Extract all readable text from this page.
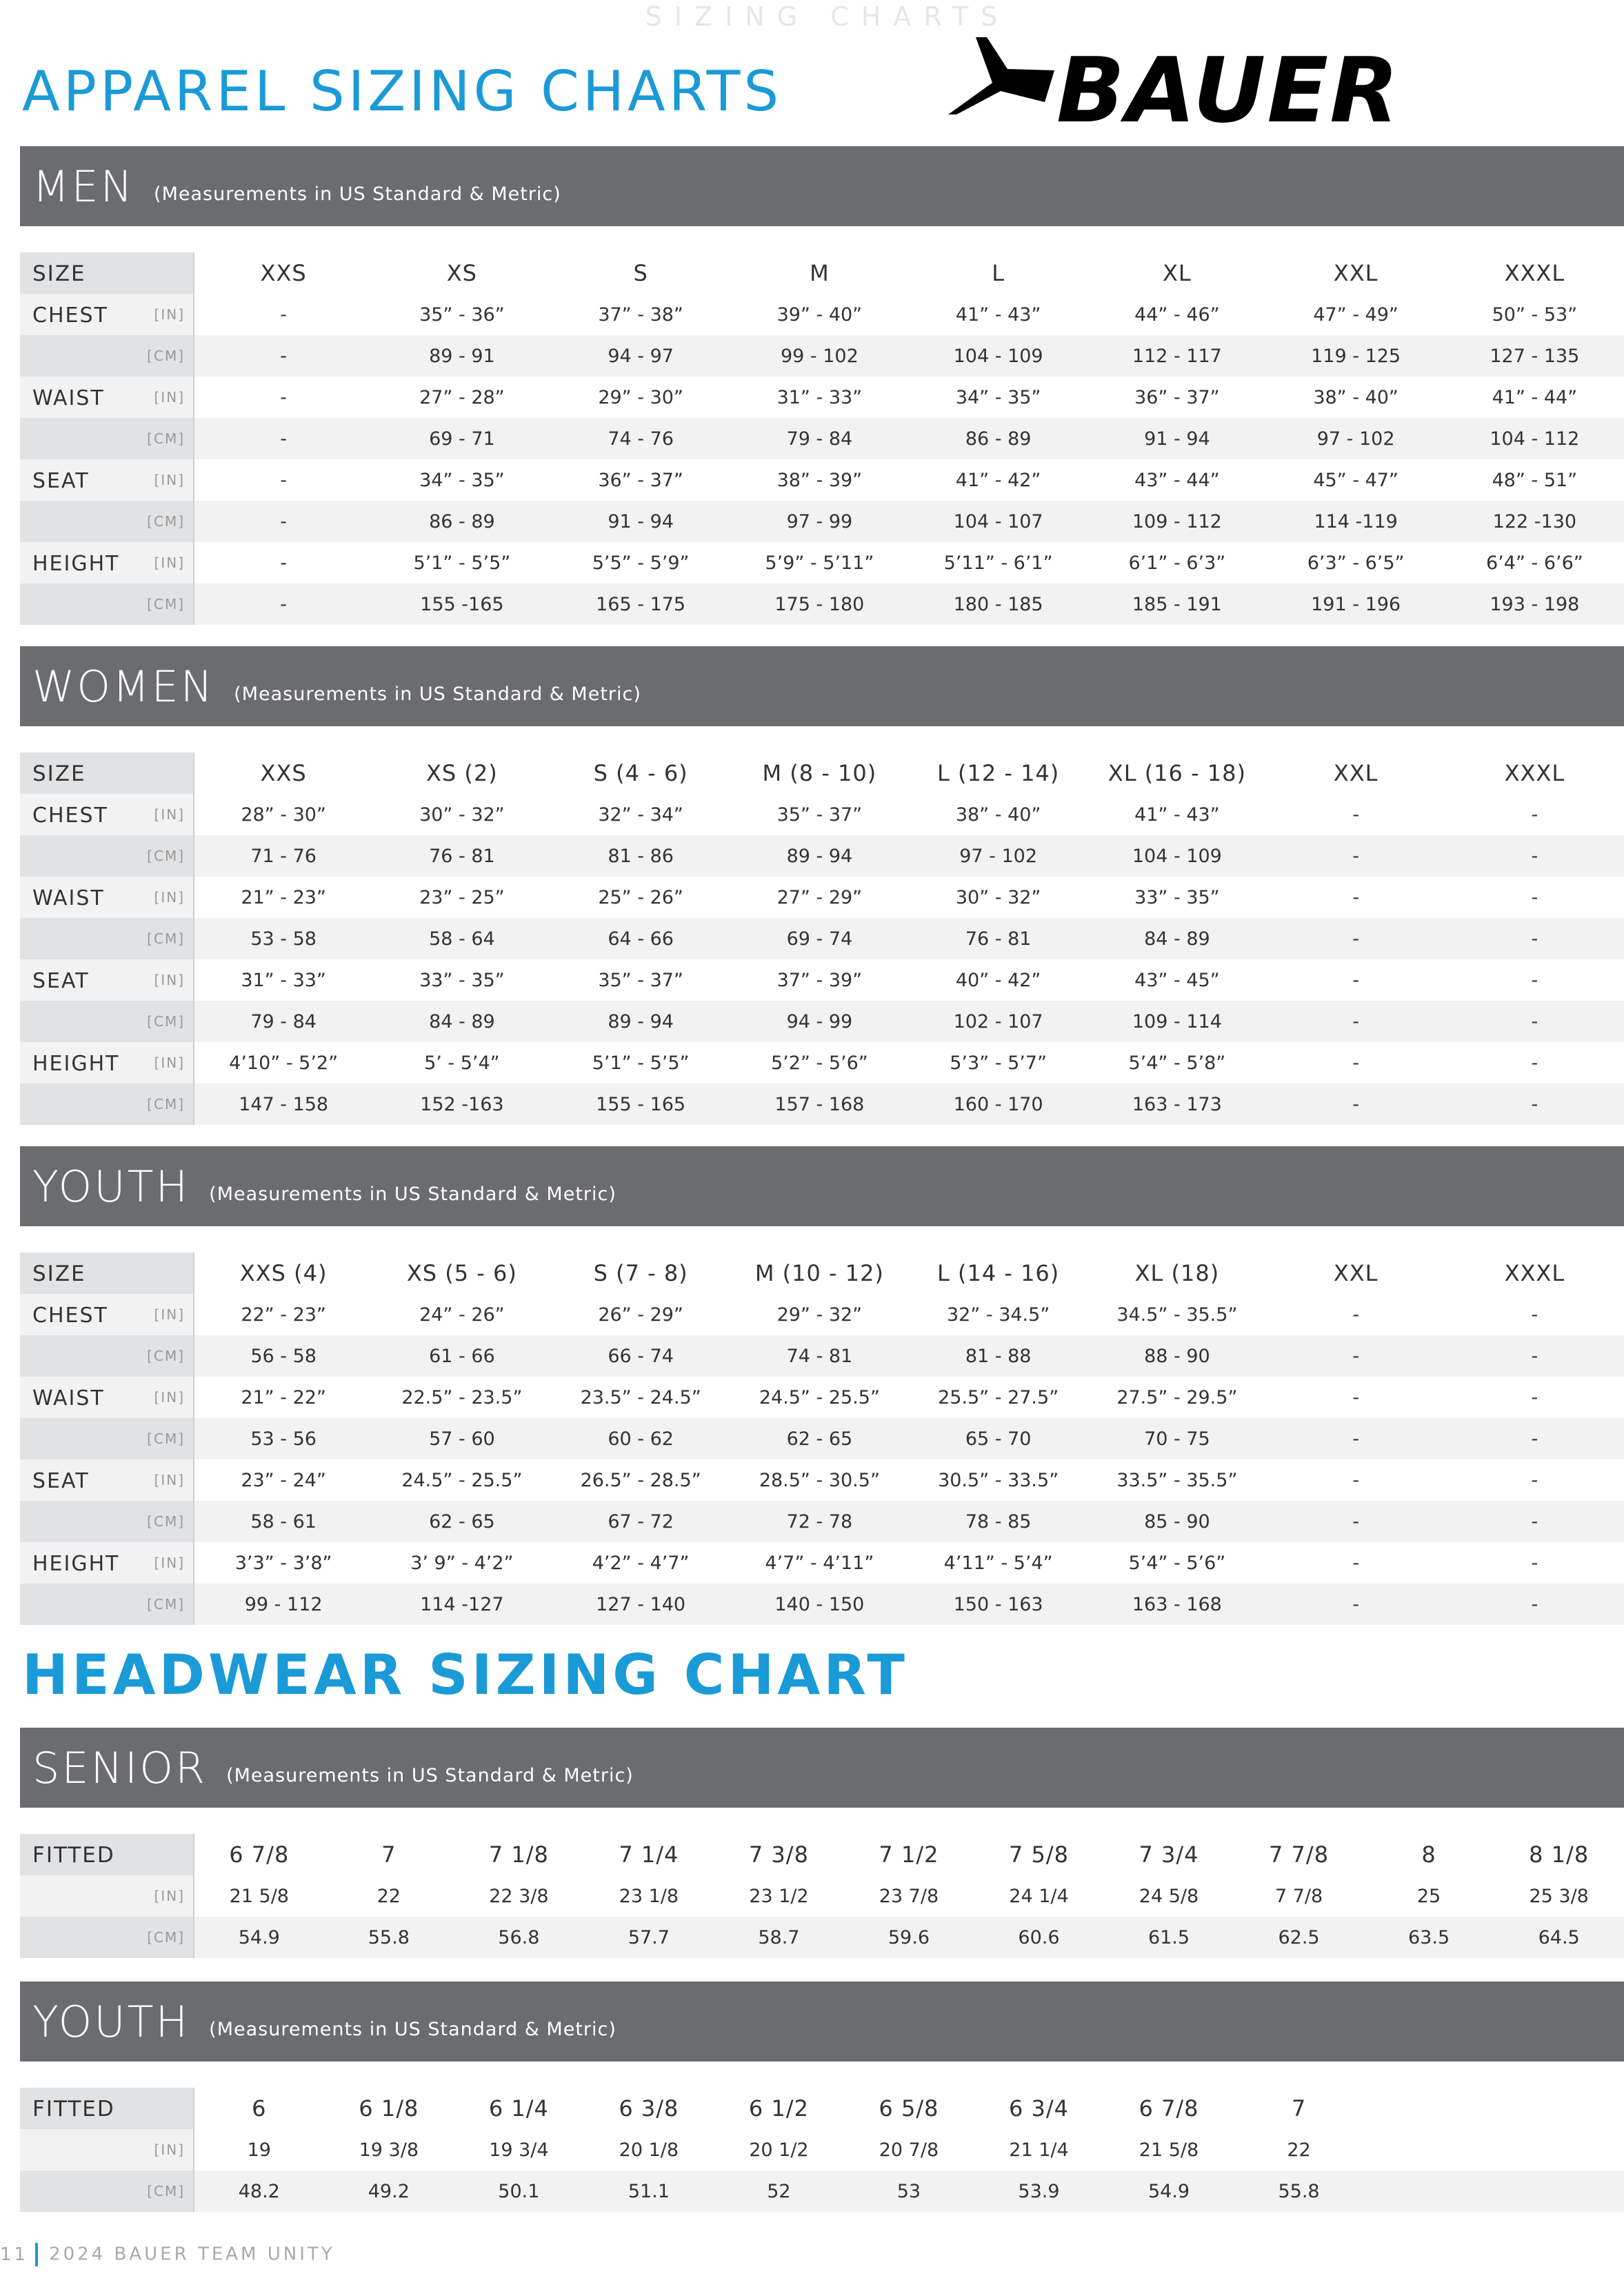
SIZING CHARTS
APPAREL SIZING CHARTS	BAUER
MEN (Measurements in US Standard & Metric)
SIZE	XXS	XS	S	M	L	XL	XXL	XXXL

CHEST [IN]	-	35” - 36”	37” - 38”	39” - 40”	41” - 43”	44” - 46”	47” - 49”	50” - 53”

[CM]	-	89 - 91	94 - 97	99 - 102	104 - 109	112 - 117	119 - 125	127 - 135

WAIST [IN]	-	27” - 28”	29” - 30”	31” - 33”	34” - 35”	36” - 37”	38” - 40”	41” - 44”

[CM]	-	69 - 71	74 - 76	79 - 84	86 - 89	91 - 94	97 - 102	104 - 112

SEAT [IN]	-	34” - 35”	36” - 37”	38” - 39”	41” - 42”	43” - 44”	45” - 47”	48” - 51”

[CM]	-	86 - 89	91 - 94	97 - 99	104 - 107	109 - 112	114 -119	122 -130

HEIGHT [IN]	-	5’1” - 5’5”	5’5” - 5’9”	5’9” - 5’11”	5’11” - 6’1”	6’1” - 6’3”	6’3” - 6’5”	6’4” - 6’6”

[CM]	-	155 -165	165 - 175	175 - 180	180 - 185	185 - 191	191 - 196	193 - 198
WOMEN (Measurements in US Standard & Metric)
SIZE	XXS	XS (2)	S (4 - 6)	M (8 - 10)	L (12 - 14)	XL (16 - 18)	XXL	XXXL

CHEST [IN]	28” - 30”	30” - 32”	32” - 34”	35” - 37”	38” - 40”	41” - 43”	-	-

[CM]	71 - 76	76 - 81	81 - 86	89 - 94	97 - 102	104 - 109	-	-

WAIST [IN]	21” - 23”	23” - 25”	25” - 26”	27” - 29”	30” - 32”	33” - 35”	-	-

[CM]	53 - 58	58 - 64	64 - 66	69 - 74	76 - 81	84 - 89	-	-

SEAT [IN]	31” - 33”	33” - 35”	35” - 37”	37” - 39”	40” - 42”	43” - 45”	-	-

[CM]	79 - 84	84 - 89	89 - 94	94 - 99	102 - 107	109 - 114	-	-

HEIGHT [IN]	4’10” - 5’2”	5’ - 5’4”	5’1” - 5’5”	5’2” - 5’6”	5’3” - 5’7”	5’4” - 5’8”	-	-

[CM]	147 - 158	152 -163	155 - 165	157 - 168	160 - 170	163 - 173	-	-
YOUTH (Measurements in US Standard & Metric)
SIZE	XXS (4)	XS (5 - 6)	S (7 - 8)	M (10 - 12)	L (14 - 16)	XL (18)	XXL	XXXL

CHEST [IN]	22” - 23”	24” - 26”	26” - 29”	29” - 32”	32” - 34.5”	34.5” - 35.5”	-	-

[CM]	56 - 58	61 - 66	66 - 74	74 - 81	81 - 88	88 - 90	-	-

WAIST [IN]	21” - 22”	22.5” - 23.5”	23.5” - 24.5”	24.5” - 25.5”	25.5” - 27.5”	27.5” - 29.5”	-	-

[CM]	53 - 56	57 - 60	60 - 62	62 - 65	65 - 70	70 - 75	-	-

SEAT [IN]	23” - 24”	24.5” - 25.5”	26.5” - 28.5”	28.5” - 30.5”	30.5” - 33.5”	33.5” - 35.5”	-	-

[CM]	58 - 61	62 - 65	67 - 72	72 - 78	78 - 85	85 - 90	-	-

HEIGHT [IN]	3’3” - 3’8”	3’ 9” - 4’2”	4’2” - 4’7”	4’7” - 4’11”	4’11” - 5’4”	5’4” - 5’6”	-	-

[CM]	99 - 112	114 -127	127 - 140	140 - 150	150 - 163	163 - 168	-	-
SENIOR (Measurements in US Standard & Metric)
FITTED	6 7/8	7	7 1/8	7 1/4	7 3/8	7 1/2	7 5/8	7 3/4	7 7/8	8	8 1/8

[IN]	21 5/8	22	22 3/8	23 1/8	23 1/2	23 7/8	24 1/4	24 5/8	7 7/8	25	25 3/8

[CM]	54.9	55.8	56.8	57.7	58.7	59.6	60.6	61.5	62.5	63.5	64.5
YOUTH (Measurements in US Standard & Metric)
FITTED	6	6 1/8	6 1/4	6 3/8	6 1/2	6 5/8	6 3/4	6 7/8	7		

[IN]	19	19 3/8	19 3/4	20 1/8	20 1/2	20 7/8	21 1/4	21 5/8	22		

[CM]	48.2	49.2	50.1	51.1	52	53	53.9	54.9	55.8		
HEADWEAR SIZING CHART
11 2024 BAUER TEAM UNITY
